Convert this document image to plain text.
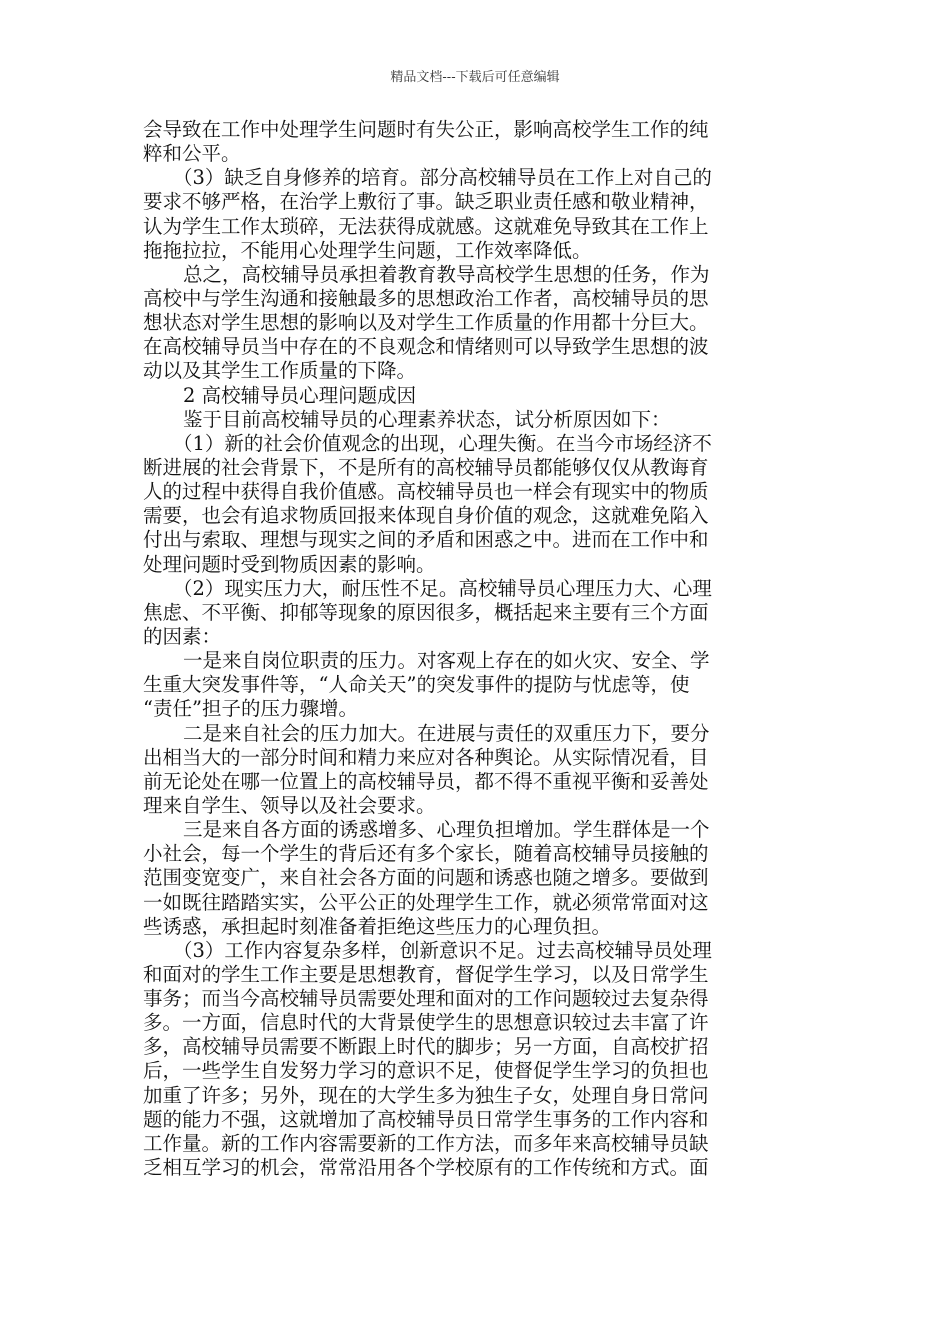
精品文档---下载后可任意编辑
会导致在工作中处理学生问题时有失公正，影响高校学生工作的纯
粹和公平。
（3）缺乏自身修养的培育。部分高校辅导员在工作上对自己的
要求不够严格，在治学上敷衍了事。缺乏职业责任感和敬业精神，
认为学生工作太琐碎，无法获得成就感。这就难免导致其在工作上
拖拖拉拉，不能用心处理学生问题，工作效率降低。
总之，高校辅导员承担着教育教导高校学生思想的任务，作为
高校中与学生沟通和接触最多的思想政治工作者，高校辅导员的思
想状态对学生思想的影响以及对学生工作质量的作用都十分巨大。
在高校辅导员当中存在的不良观念和情绪则可以导致学生思想的波
动以及其学生工作质量的下降。
2 高校辅导员心理问题成因
鉴于目前高校辅导员的心理素养状态，试分析原因如下：
（1）新的社会价值观念的出现，心理失衡。在当今市场经济不
断进展的社会背景下，不是所有的高校辅导员都能够仅仅从教诲育
人的过程中获得自我价值感。高校辅导员也一样会有现实中的物质
需要，也会有追求物质回报来体现自身价值的观念，这就难免陷入
付出与索取、理想与现实之间的矛盾和困惑之中。进而在工作中和
处理问题时受到物质因素的影响。
（2）现实压力大，耐压性不足。高校辅导员心理压力大、心理
焦虑、不平衡、抑郁等现象的原因很多，概括起来主要有三个方面
的因素：
一是来自岗位职责的压力。对客观上存在的如火灾、安全、学
生重大突发事件等，“人命关天”的突发事件的提防与忧虑等，使
“责任”担子的压力骤增。
二是来自社会的压力加大。在进展与责任的双重压力下，要分
出相当大的一部分时间和精力来应对各种舆论。从实际情况看，目
前无论处在哪一位置上的高校辅导员，都不得不重视平衡和妥善处
理来自学生、领导以及社会要求。
三是来自各方面的诱惑增多、心理负担增加。学生群体是一个
小社会，每一个学生的背后还有多个家长，随着高校辅导员接触的
范围变宽变广，来自社会各方面的问题和诱惑也随之增多。要做到
一如既往踏踏实实，公平公正的处理学生工作，就必须常常面对这
些诱惑，承担起时刻准备着拒绝这些压力的心理负担。
（3）工作内容复杂多样，创新意识不足。过去高校辅导员处理
和面对的学生工作主要是思想教育，督促学生学习，以及日常学生
事务；而当今高校辅导员需要处理和面对的工作问题较过去复杂得
多。一方面，信息时代的大背景使学生的思想意识较过去丰富了许
多，高校辅导员需要不断跟上时代的脚步；另一方面，自高校扩招
后，一些学生自发努力学习的意识不足，使督促学生学习的负担也
加重了许多；另外，现在的大学生多为独生子女，处理自身日常问
题的能力不强，这就增加了高校辅导员日常学生事务的工作内容和
工作量。新的工作内容需要新的工作方法，而多年来高校辅导员缺
乏相互学习的机会，常常沿用各个学校原有的工作传统和方式。面
